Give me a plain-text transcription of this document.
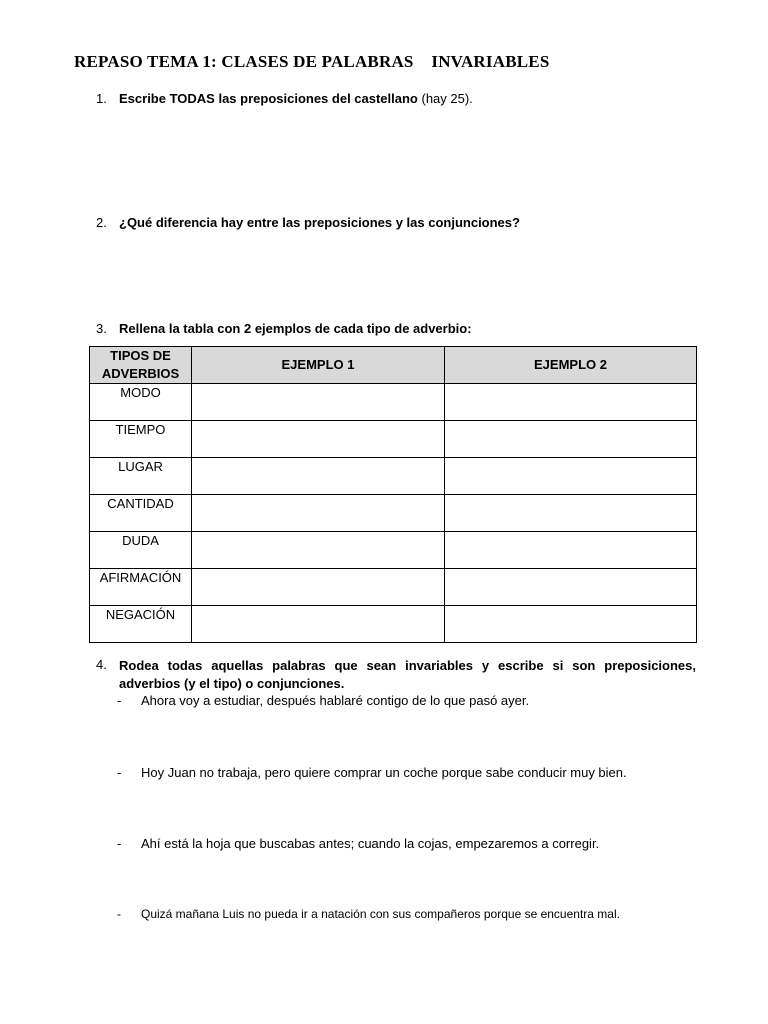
REPASO TEMA 1: CLASES DE PALABRAS    INVARIABLES
1. Escribe TODAS las preposiciones del castellano (hay 25).
2. ¿Qué diferencia hay entre las preposiciones y las conjunciones?
3. Rellena la tabla con 2 ejemplos de cada tipo de adverbio:
TIPOS DE ADVERBIOS	EJEMPLO 1	EJEMPLO 2
MODO		
TIEMPO		
LUGAR		
CANTIDAD		
DUDA		
AFIRMACIÓN		
NEGACIÓN		
4. Rodea todas aquellas palabras que sean invariables y escribe si son preposiciones, adverbios (y el tipo) o conjunciones.
- Ahora voy a estudiar, después hablaré contigo de lo que pasó ayer.
- Hoy Juan no trabaja, pero quiere comprar un coche porque sabe conducir muy bien.
- Ahí está la hoja que buscabas antes; cuando la cojas, empezaremos a corregir.
- Quizá mañana Luis no pueda ir a natación con sus compañeros porque se encuentra mal.
